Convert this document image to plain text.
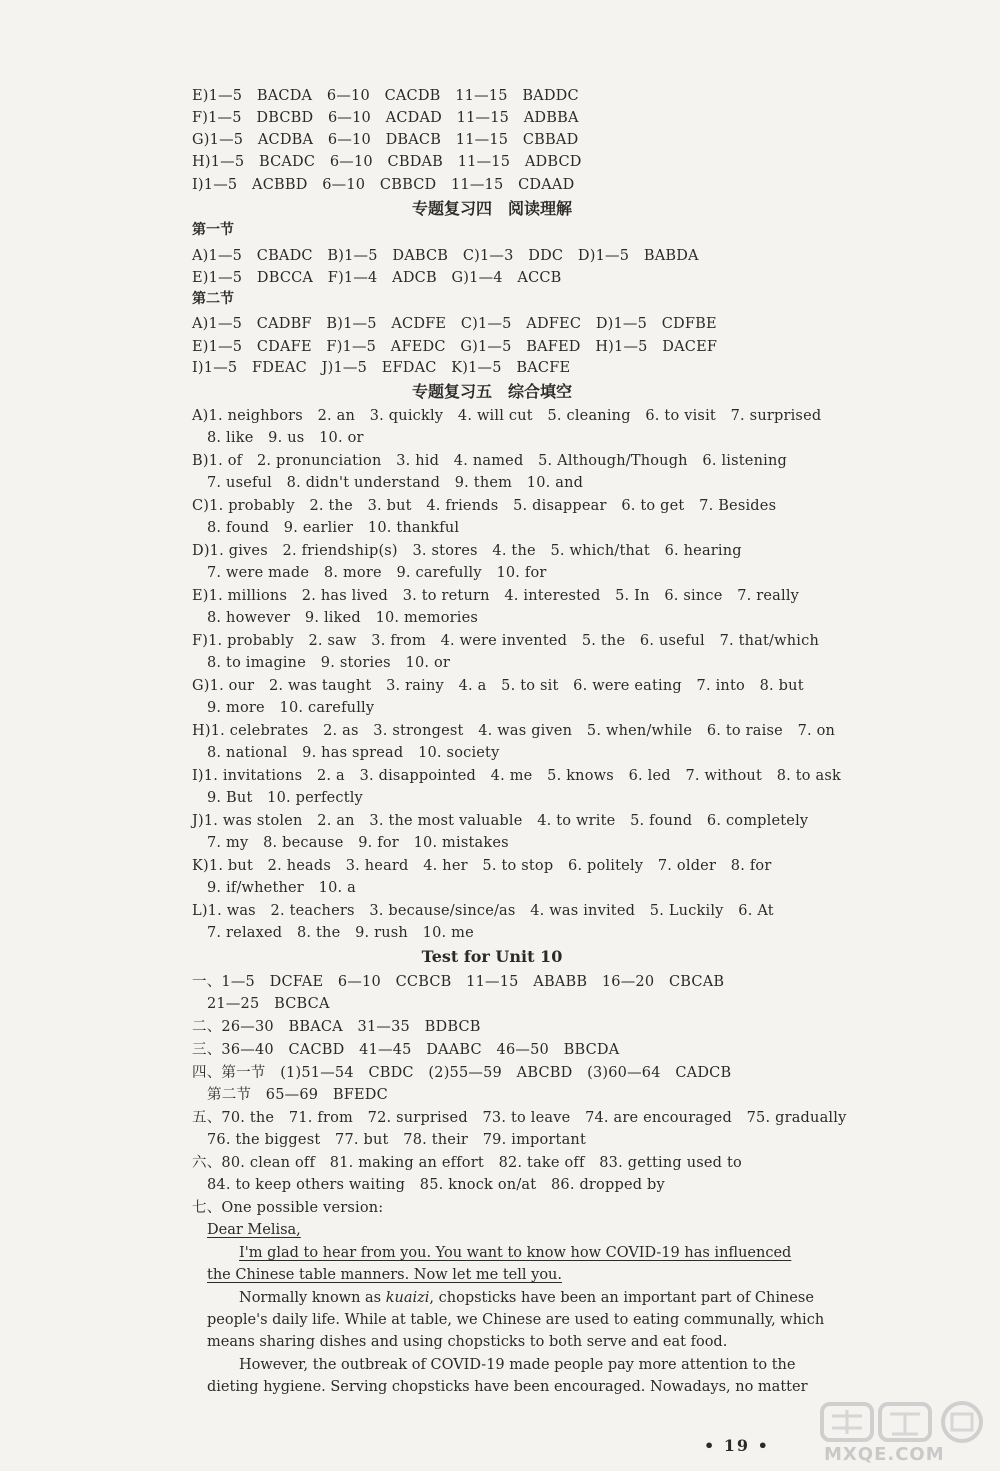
E)1—5　BACDA　6—10　CACDB　11—15　BADDC
F)1—5　DBCBD　6—10　ACDAD　11—15　ADBBA
G)1—5　ACDBA　6—10　DBACB　11—15　CBBAD
H)1—5　BCADC　6—10　CBDAB　11—15　ADBCD
I)1—5　ACBBD　6—10　CBBCD　11—15　CDAAD
专题复习四　阅读理解
第一节
A)1—5　CBADC　B)1—5　DABCB　C)1—3　DDC　D)1—5　BABDA
E)1—5　DBCCA　F)1—4　ADCB　G)1—4　ACCB
第二节
A)1—5　CADBF　B)1—5　ACDFE　C)1—5　ADFEC　D)1—5　CDFBE
E)1—5　CDAFE　F)1—5　AFEDC　G)1—5　BAFED　H)1—5　DACEF
I)1—5　FDEAC　J)1—5　EFDAC　K)1—5　BACFE
专题复习五　综合填空
A)1. neighbors　2. an　3. quickly　4. will cut　5. cleaning　6. to visit　7. surprised
8. like　9. us　10. or
B)1. of　2. pronunciation　3. hid　4. named　5. Although/Though　6. listening
7. useful　8. didn't understand　9. them　10. and
C)1. probably　2. the　3. but　4. friends　5. disappear　6. to get　7. Besides
8. found　9. earlier　10. thankful
D)1. gives　2. friendship(s)　3. stores　4. the　5. which/that　6. hearing
7. were made　8. more　9. carefully　10. for
E)1. millions　2. has lived　3. to return　4. interested　5. In　6. since　7. really
8. however　9. liked　10. memories
F)1. probably　2. saw　3. from　4. were invented　5. the　6. useful　7. that/which
8. to imagine　9. stories　10. or
G)1. our　2. was taught　3. rainy　4. a　5. to sit　6. were eating　7. into　8. but
9. more　10. carefully
H)1. celebrates　2. as　3. strongest　4. was given　5. when/while　6. to raise　7. on
8. national　9. has spread　10. society
I)1. invitations　2. a　3. disappointed　4. me　5. knows　6. led　7. without　8. to ask
9. But　10. perfectly
J)1. was stolen　2. an　3. the most valuable　4. to write　5. found　6. completely
7. my　8. because　9. for　10. mistakes
K)1. but　2. heads　3. heard　4. her　5. to stop　6. politely　7. older　8. for
9. if/whether　10. a
L)1. was　2. teachers　3. because/since/as　4. was invited　5. Luckily　6. At
7. relaxed　8. the　9. rush　10. me
Test for Unit 10
一、1—5　DCFAE　6—10　CCBCB　11—15　ABABB　16—20　CBCAB
21—25　BCBCA
二、26—30　BBACA　31—35　BDBCB
三、36—40　CACBD　41—45　DAABC　46—50　BBCDA
四、第一节　(1)51—54　CBDC　(2)55—59　ABCBD　(3)60—64　CADCB
第二节　65—69　BFEDC
五、70. the　71. from　72. surprised　73. to leave　74. are encouraged　75. gradually
76. the biggest　77. but　78. their　79. important
六、80. clean off　81. making an effort　82. take off　83. getting used to
84. to keep others waiting　85. knock on/at　86. dropped by
七、One possible version:
Dear Melisa,
I'm glad to hear from you. You want to know how COVID-19 has influenced
the Chinese table manners. Now let me tell you.
Normally known as kuaizi, chopsticks have been an important part of Chinese
people's daily life. While at table, we Chinese are used to eating communally, which
means sharing dishes and using chopsticks to both serve and eat food.
However, the outbreak of COVID-19 made people pay more attention to the
dieting hygiene. Serving chopsticks have been encouraged. Nowadays, no matter
• 19 •	MXQE.COM
